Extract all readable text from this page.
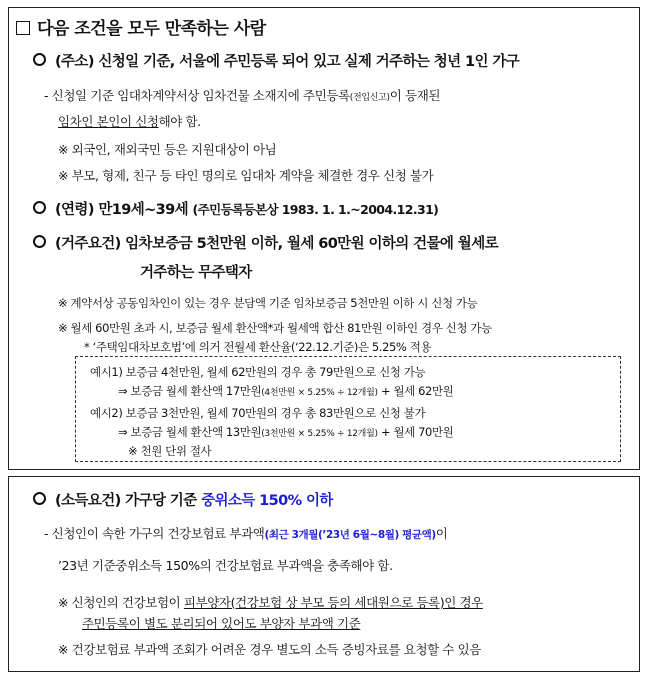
다음 조건을 모두 만족하는 사람
(주소) 신청일 기준, 서울에 주민등록 되어 있고 실제 거주하는 청년 1인 가구
- 신청일 기준 임대차계약서상 임차건물 소재지에 주민등록(전입신고)이 등재된
임차인 본인이 신청해야 함.
※ 외국인, 재외국민 등은 지원대상이 아님
※ 부모, 형제, 친구 등 타인 명의로 임대차 계약을 체결한 경우 신청 불가
(연령) 만19세~39세 (주민등록등본상 1983. 1. 1.~2004.12.31)
(거주요건) 임차보증금 5천만원 이하, 월세 60만원 이하의 건물에 월세로
거주하는 무주택자
※ 계약서상 공동임차인이 있는 경우 분담액 기준 임차보증금 5천만원 이하 시 신청 가능
※ 월세 60만원 초과 시, 보증금 월세 환산액*과 월세액 합산 81만원 이하인 경우 신청 가능
* ‘주택임대차보호법’에 의거 전월세 환산율(‘22.12.기준)은 5.25% 적용
예시1) 보증금 4천만원, 월세 62만원의 경우 총 79만원으로 신청 가능
⇒ 보증금 월세 환산액 17만원(4천만원 × 5.25% ÷ 12개월) + 월세 62만원
예시2) 보증금 3천만원, 월세 70만원의 경우 총 83만원으로 신청 불가
⇒ 보증금 월세 환산액 13만원(3천만원 × 5.25% ÷ 12개월) + 월세 70만원
※ 천원 단위 절사
(소득요건) 가구당 기준 중위소득 150% 이하
- 신청인이 속한 가구의 건강보험료 부과액(최근 3개월(’23년 6월~8월) 평균액)이
’23년 기준중위소득 150%의 건강보험료 부과액을 충족해야 함.
※ 신청인의 건강보험이 피부양자(건강보험 상 부모 등의 세대원으로 등록)인 경우
주민등록이 별도 분리되어 있어도 부양자 부과액 기준
※ 건강보험료 부과액 조회가 어려운 경우 별도의 소득 증빙자료를 요청할 수 있음
